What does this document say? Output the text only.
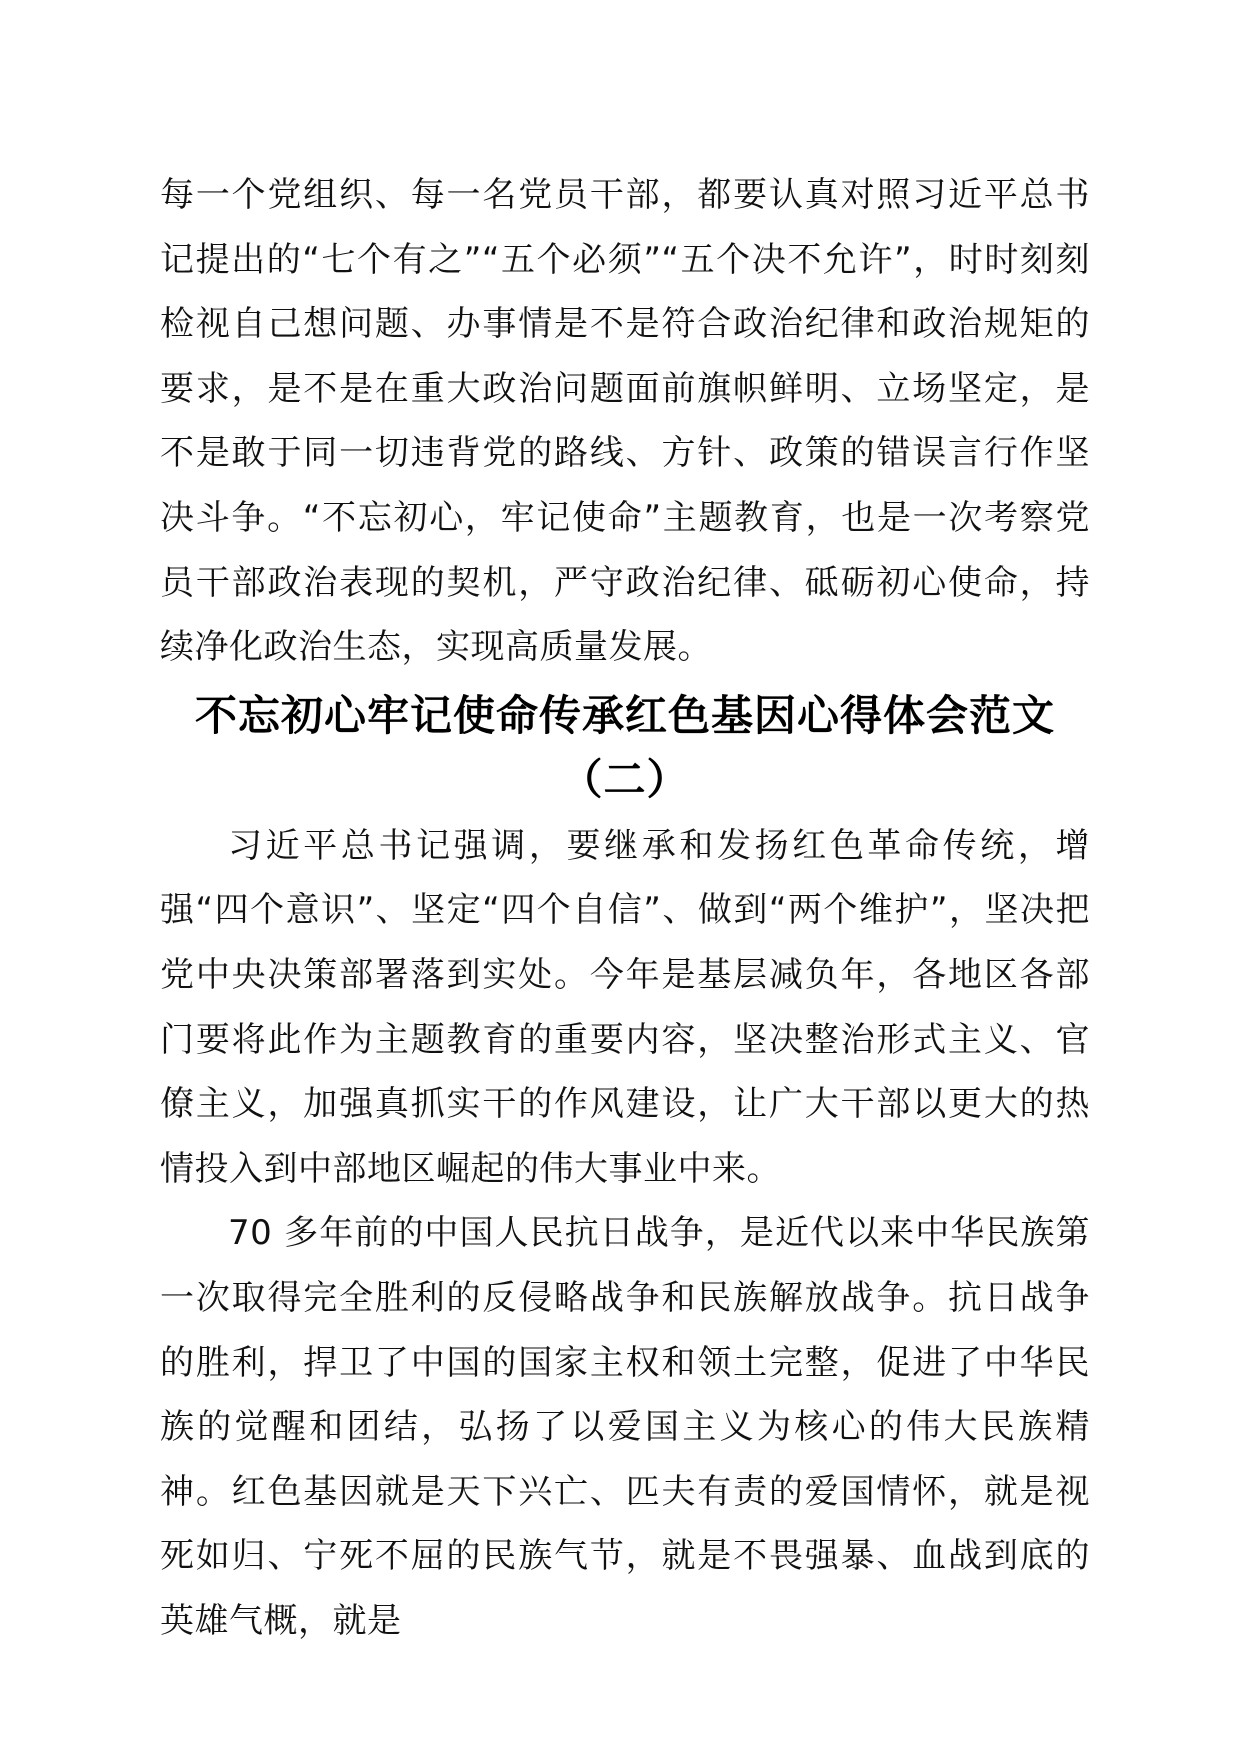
每一个党组织、每一名党员干部，都要认真对照习近平总书记提出的“七个有之”“五个必须”“五个决不允许”，时时刻刻检视自己想问题、办事情是不是符合政治纪律和政治规矩的要求，是不是在重大政治问题面前旗帜鲜明、立场坚定，是不是敢于同一切违背党的路线、方针、政策的错误言行作坚决斗争。“不忘初心，牢记使命”主题教育，也是一次考察党员干部政治表现的契机，严守政治纪律、砥砺初心使命，持续净化政治生态，实现高质量发展。

不忘初心牢记使命传承红色基因心得体会范文
（二）

习近平总书记强调，要继承和发扬红色革命传统，增强“四个意识”、坚定“四个自信”、做到“两个维护”，坚决把党中央决策部署落到实处。今年是基层减负年，各地区各部门要将此作为主题教育的重要内容，坚决整治形式主义、官僚主义，加强真抓实干的作风建设，让广大干部以更大的热情投入到中部地区崛起的伟大事业中来。

70 多年前的中国人民抗日战争，是近代以来中华民族第一次取得完全胜利的反侵略战争和民族解放战争。抗日战争的胜利，捍卫了中国的国家主权和领土完整，促进了中华民族的觉醒和团结，弘扬了以爱国主义为核心的伟大民族精神。红色基因就是天下兴亡、匹夫有责的爱国情怀，就是视死如归、宁死不屈的民族气节，就是不畏强暴、血战到底的英雄气概，就是
